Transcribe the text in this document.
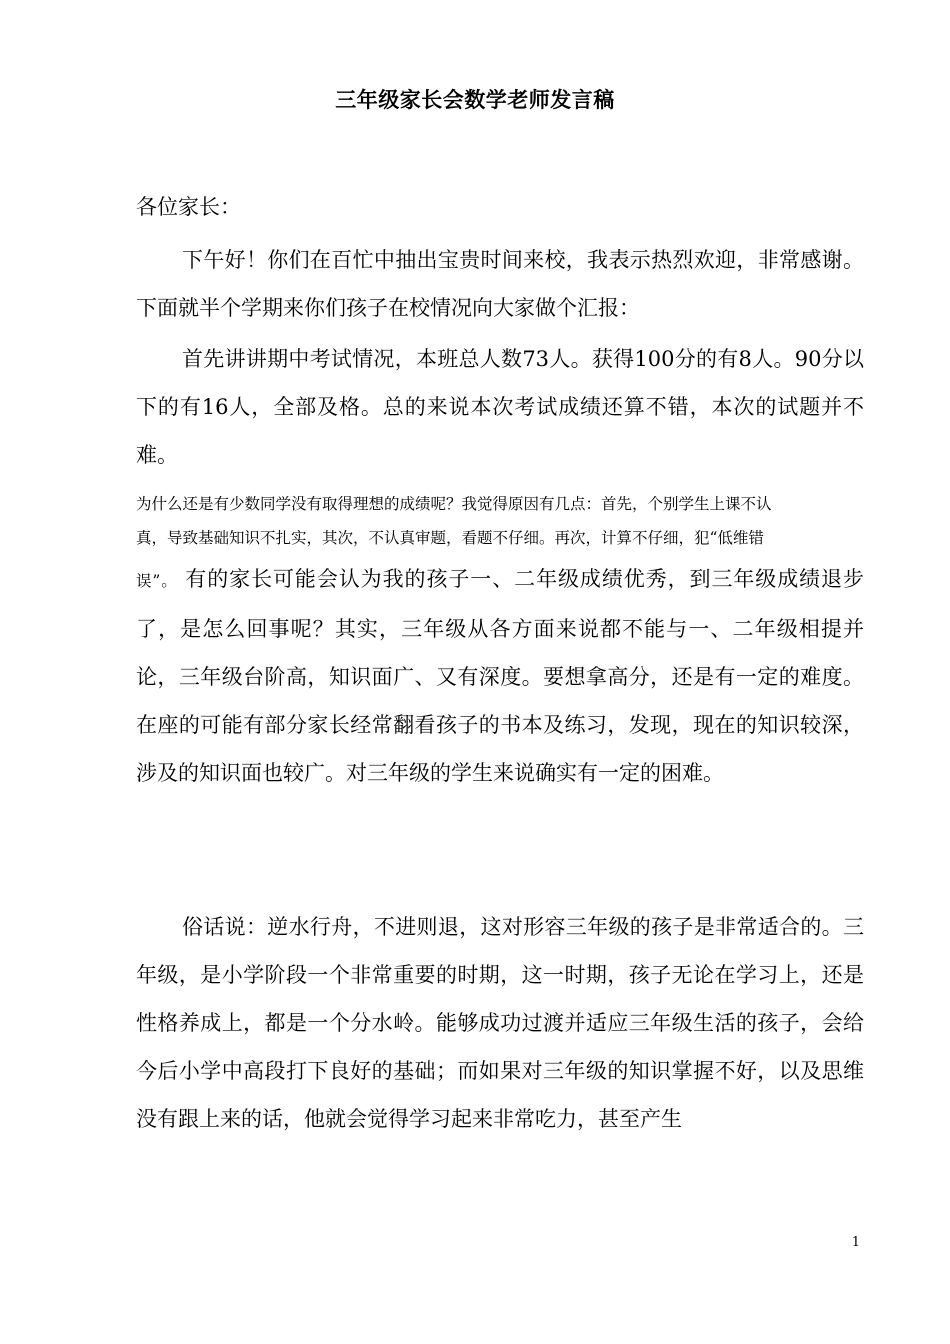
三年级家长会数学老师发言稿

各位家长：

下午好！你们在百忙中抽出宝贵时间来校，我表示热烈欢迎，非常感谢。下面就半个学期来你们孩子在校情况向大家做个汇报：

首先讲讲期中考试情况，本班总人数73人。获得100分的有8人。90分以下的有16人，全部及格。总的来说本次考试成绩还算不错，本次的试题并不难。

为什么还是有少数同学没有取得理想的成绩呢？我觉得原因有几点：首先，个别学生上课不认
真，导致基础知识不扎实，其次，不认真审题，看题不仔细。再次，计算不仔细，犯“低维错
误”。 有的家长可能会认为我的孩子一、二年级成绩优秀，到三年级成绩退步了，是怎么回事呢？其实，三年级从各方面来说都不能与一、二年级相提并论，三年级台阶高，知识面广、又有深度。要想拿高分，还是有一定的难度。在座的可能有部分家长经常翻看孩子的书本及练习，发现，现在的知识较深，涉及的知识面也较广。对三年级的学生来说确实有一定的困难。

俗话说：逆水行舟，不进则退，这对形容三年级的孩子是非常适合的。三年级，是小学阶段一个非常重要的时期，这一时期，孩子无论在学习上，还是性格养成上，都是一个分水岭。能够成功过渡并适应三年级生活的孩子，会给今后小学中高段打下良好的基础；而如果对三年级的知识掌握不好，以及思维没有跟上来的话，他就会觉得学习起来非常吃力，甚至产生

1
